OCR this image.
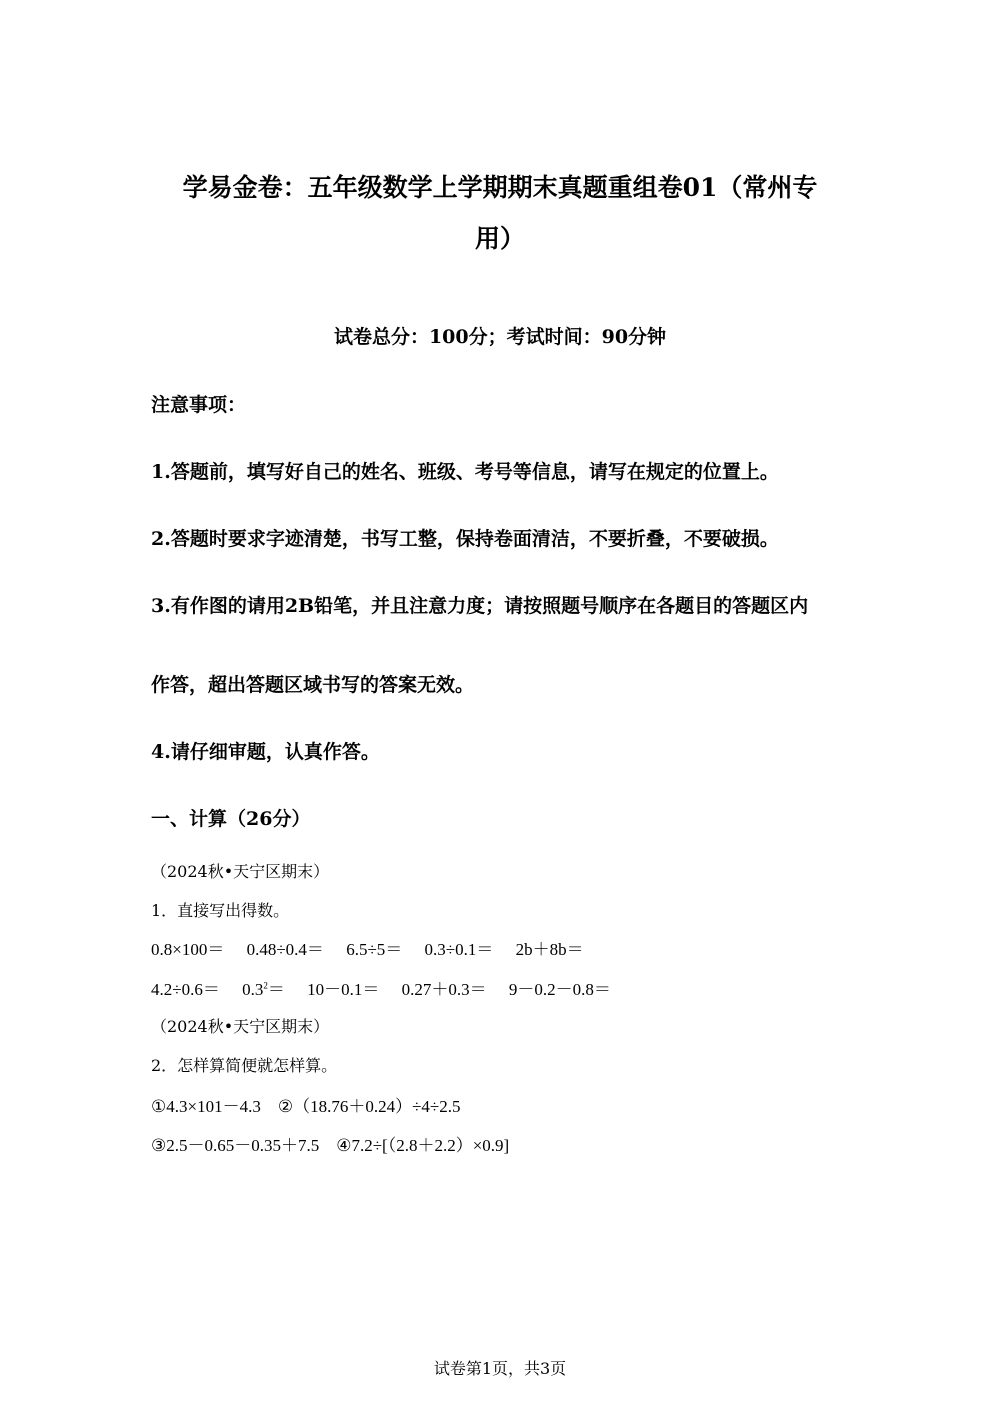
学易金卷：五年级数学上学期期末真题重组卷01（常州专
用）
试卷总分：100分；考试时间：90分钟
注意事项：
1.答题前，填写好自己的姓名、班级、考号等信息，请写在规定的位置上。
2.答题时要求字迹清楚，书写工整，保持卷面清洁，不要折叠，不要破损。
3.有作图的请用2B铅笔，并且注意力度；请按照题号顺序在各题目的答题区内
作答，超出答题区域书写的答案无效。
4.请仔细审题，认真作答。
一、计算（26分）
（2024秋•天宁区期末）
1．直接写出得数。
0.8×100＝ 0.48÷0.4＝ 6.5÷5＝ 0.3÷0.1＝ 2b＋8b＝
$4.2\div 0.6= 0.3^2= 10-0.1= 0.27+0.3= 9-0.2-0.8=$
（2024秋•天宁区期末）
2．怎样算简便就怎样算。
①4.3×101－4.3　②（18.76＋0.24）÷4÷2.5
③2.5－0.65－0.35＋7.5　④7.2÷[（2.8＋2.2）×0.9]
试卷第1页，共3页
